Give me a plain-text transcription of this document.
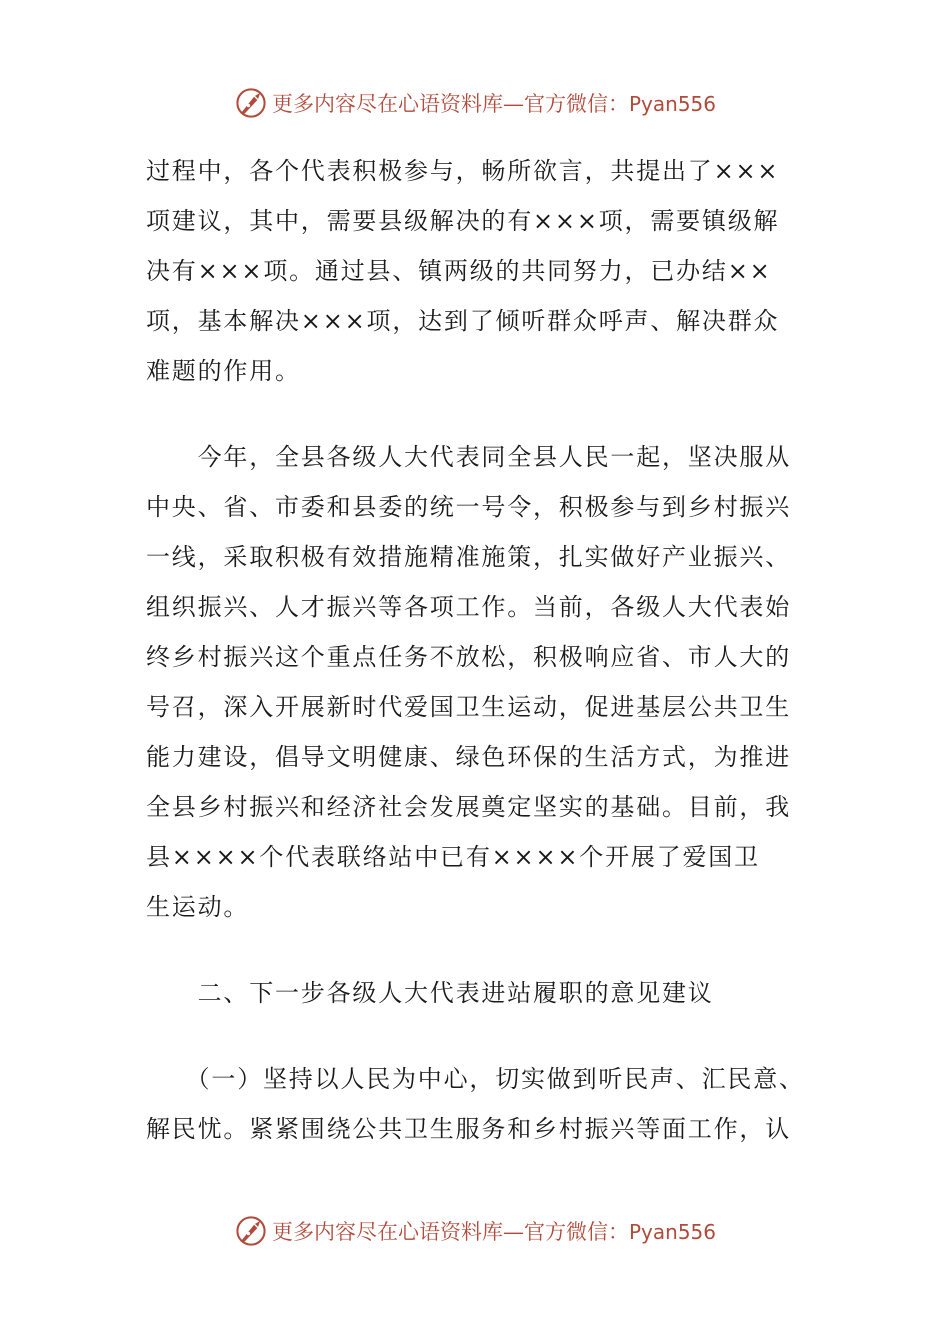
更多内容尽在心语资料库—官方微信：Pyan556

过程中，各个代表积极参与，畅所欲言，共提出了×××
项建议，其中，需要县级解决的有×××项，需要镇级解
决有×××项。通过县、镇两级的共同努力，已办结××
项，基本解决×××项，达到了倾听群众呼声、解决群众
难题的作用。

　　今年，全县各级人大代表同全县人民一起，坚决服从
中央、省、市委和县委的统一号令，积极参与到乡村振兴
一线，采取积极有效措施精准施策，扎实做好产业振兴、
组织振兴、人才振兴等各项工作。当前，各级人大代表始
终乡村振兴这个重点任务不放松，积极响应省、市人大的
号召，深入开展新时代爱国卫生运动，促进基层公共卫生
能力建设，倡导文明健康、绿色环保的生活方式，为推进
全县乡村振兴和经济社会发展奠定坚实的基础。目前，我
县××××个代表联络站中已有××××个开展了爱国卫
生运动。

　　二、下一步各级人大代表进站履职的意见建议

　　（一）坚持以人民为中心，切实做到听民声、汇民意、
解民忧。紧紧围绕公共卫生服务和乡村振兴等面工作，认

更多内容尽在心语资料库—官方微信：Pyan556
